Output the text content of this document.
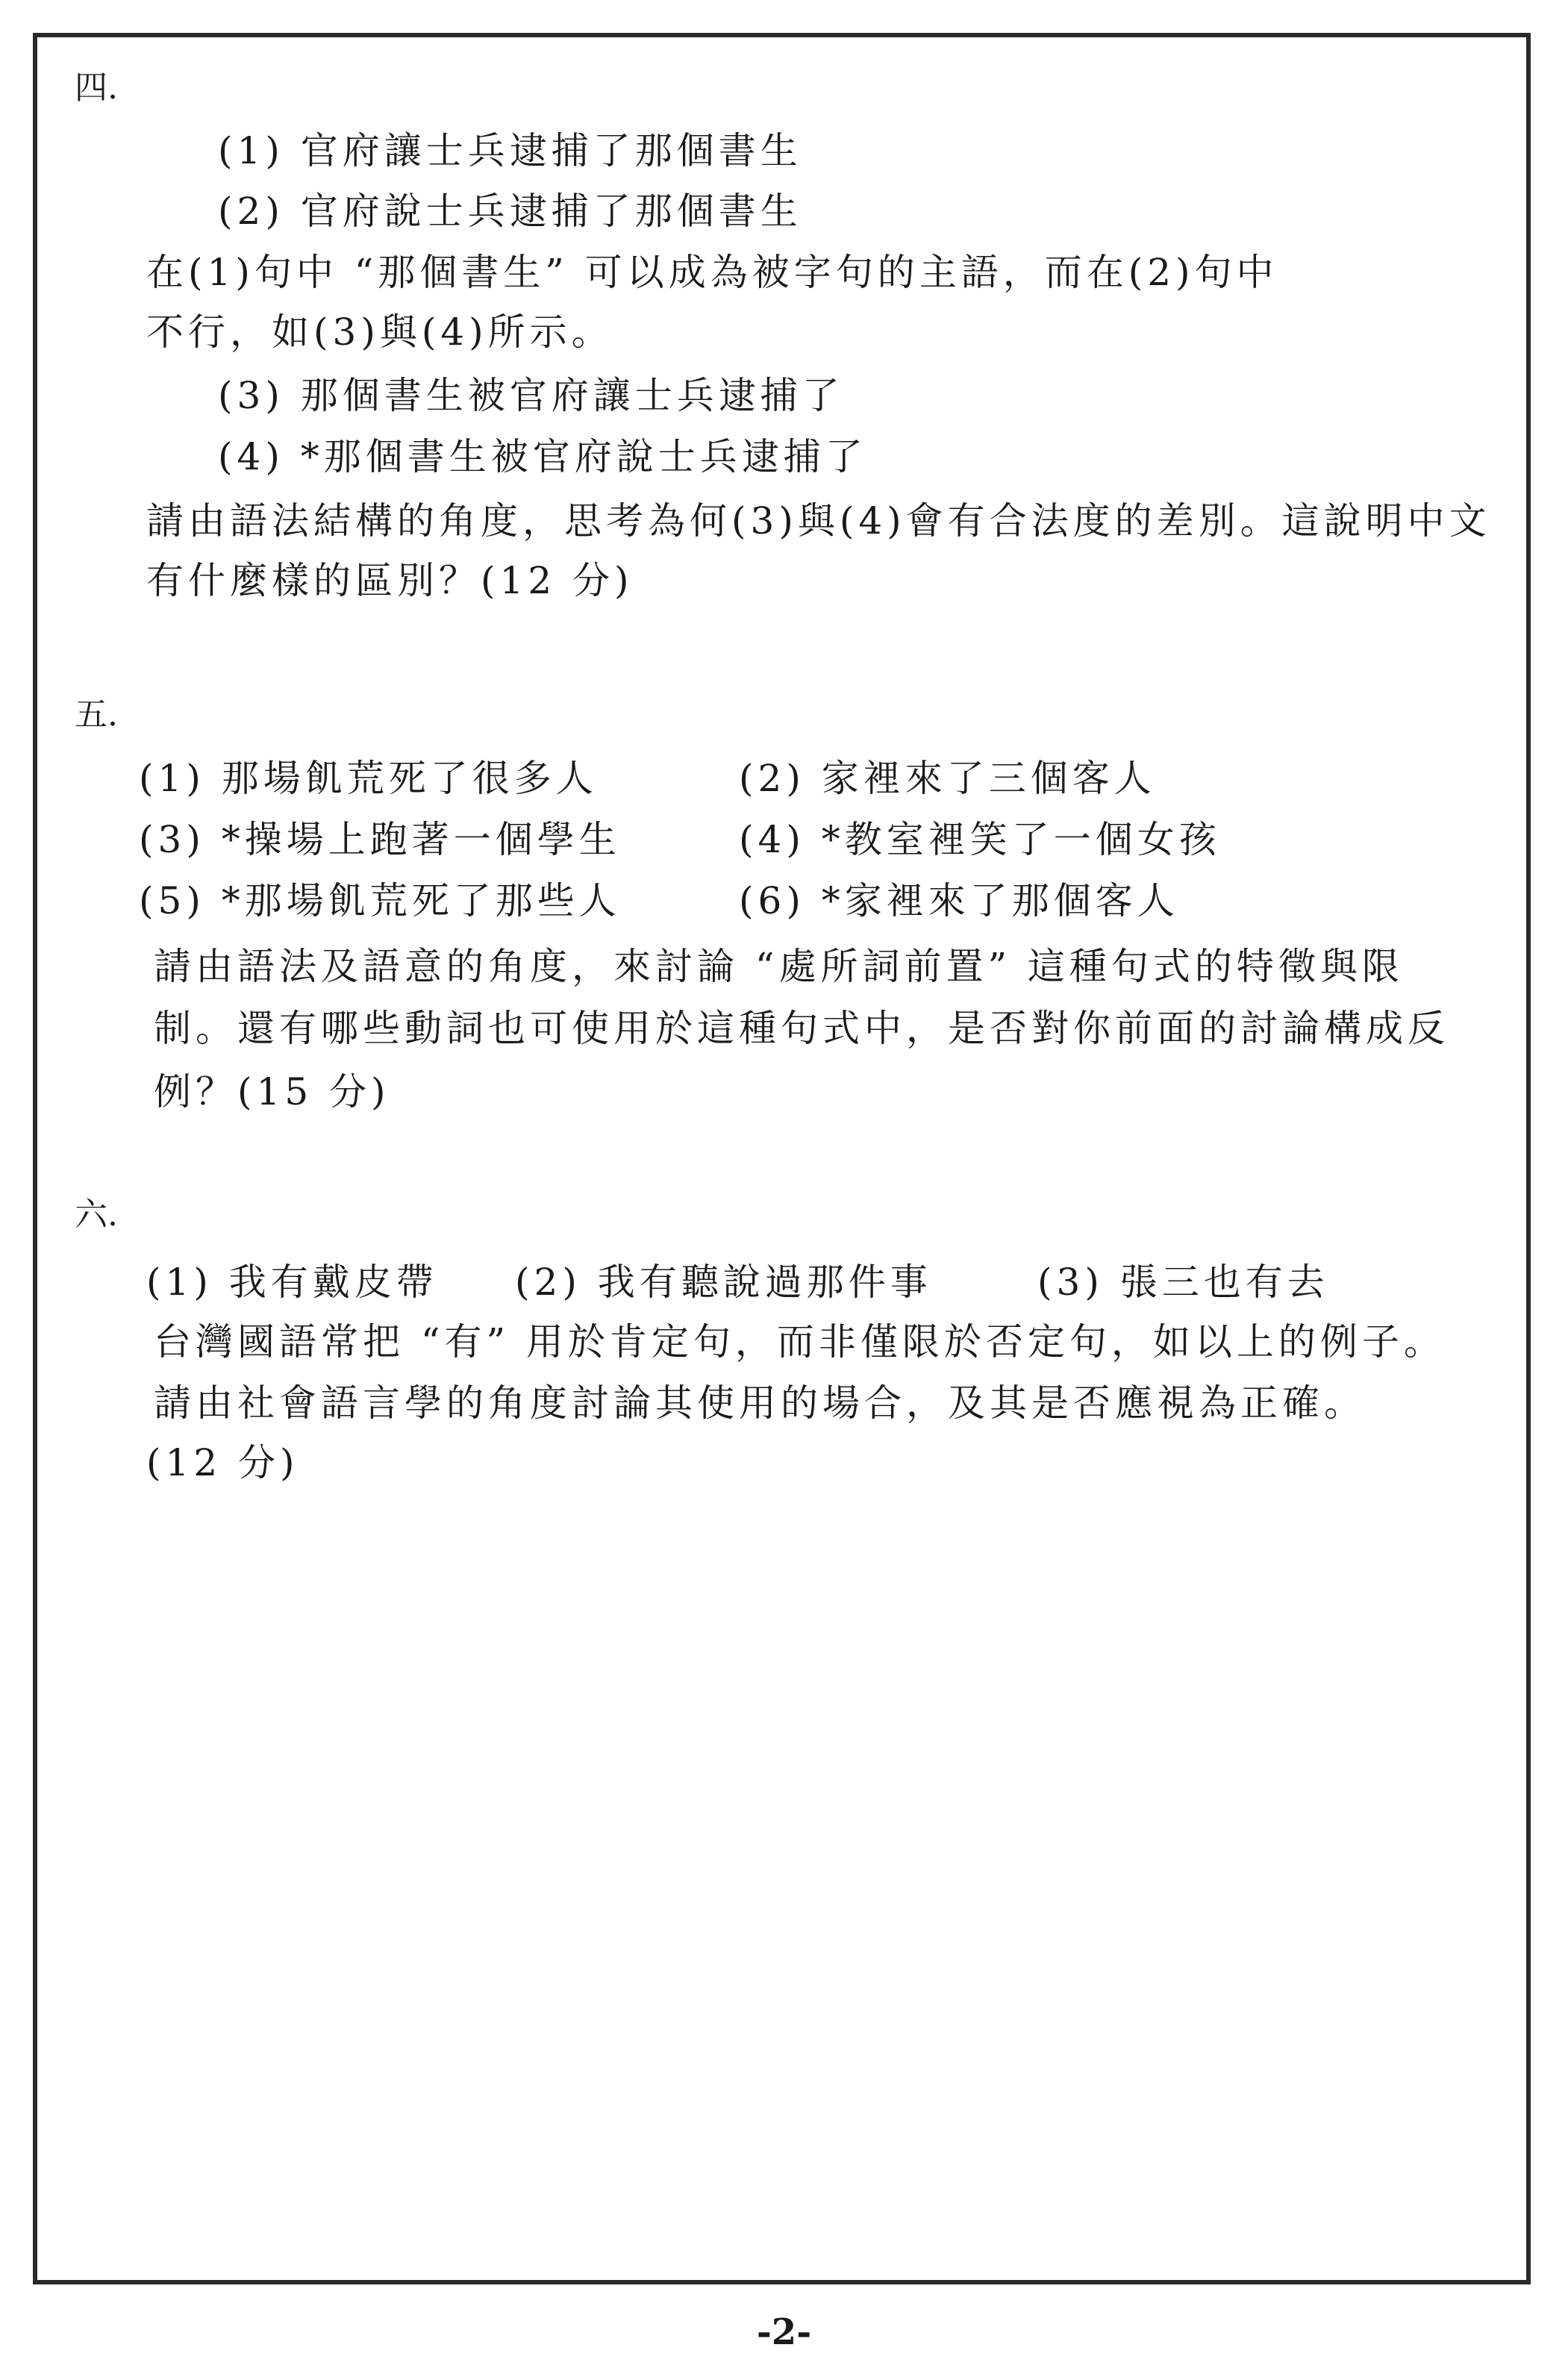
四.
(1) 官府讓士兵逮捕了那個書生
(2) 官府說士兵逮捕了那個書生
在(1)句中 “那個書生” 可以成為被字句的主語，而在(2)句中
不行，如(3)與(4)所示。
(3) 那個書生被官府讓士兵逮捕了
(4) *那個書生被官府說士兵逮捕了
請由語法結構的角度，思考為何(3)與(4)會有合法度的差別。這說明中文
有什麼樣的區別？(12 分)
五.
(1) 那場飢荒死了很多人	(2) 家裡來了三個客人
(3) *操場上跑著一個學生	(4) *教室裡笑了一個女孩
(5) *那場飢荒死了那些人	(6) *家裡來了那個客人
請由語法及語意的角度，來討論 “處所詞前置” 這種句式的特徵與限
制。還有哪些動詞也可使用於這種句式中，是否對你前面的討論構成反
例？(15 分)
六.
(1) 我有戴皮帶 (2) 我有聽說過那件事	(3) 張三也有去
台灣國語常把 “有” 用於肯定句，而非僅限於否定句，如以上的例子。
請由社會語言學的角度討論其使用的場合，及其是否應視為正確。
(12 分)
-2-
